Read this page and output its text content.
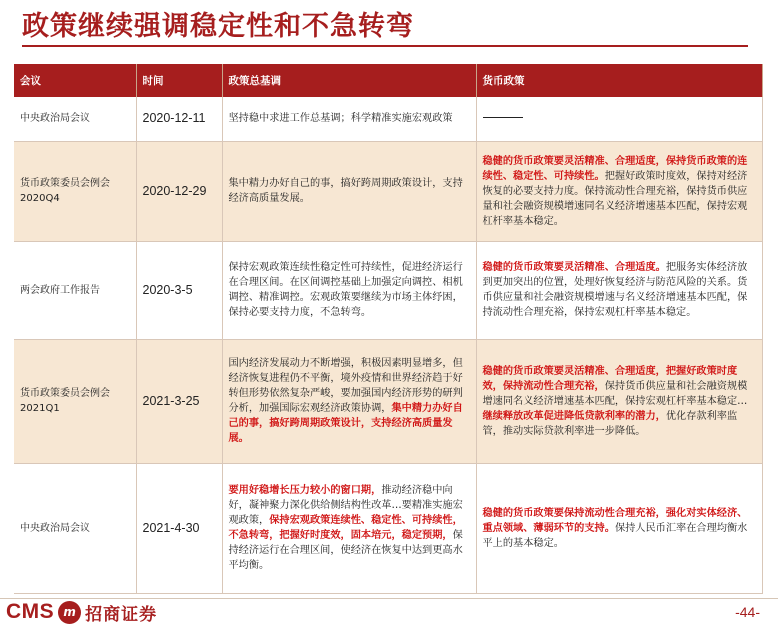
政策继续强调稳定性和不急转弯
会议	时间	政策总基调	货币政策
中央政治局会议	2020-12-11	坚持稳中求进工作总基调；科学精准实施宏观政策	
货币政策委员会例会2020Q4	2020-12-29	集中精力办好自己的事，搞好跨周期政策设计，支持经济高质量发展。	稳健的货币政策要灵活精准、合理适度，保持货币政策的连续性、稳定性、可持续性。把握好政策时度效，保持对经济恢复的必要支持力度。保持流动性合理充裕，保持货币供应量和社会融资规模增速同名义经济增速基本匹配，保持宏观杠杆率基本稳定。
两会政府工作报告	2020-3-5	保持宏观政策连续性稳定性可持续性，促进经济运行在合理区间。在区间调控基础上加强定向调控、相机调控、精准调控。宏观政策要继续为市场主体纾困，保持必要支持力度，不急转弯。	稳健的货币政策要灵活精准、合理适度。把服务实体经济放到更加突出的位置，处理好恢复经济与防范风险的关系。货币供应量和社会融资规模增速与名义经济增速基本匹配，保持流动性合理充裕，保持宏观杠杆率基本稳定。
货币政策委员会例会2021Q1	2021-3-25	国内经济发展动力不断增强，积极因素明显增多，但经济恢复进程仍不平衡，境外疫情和世界经济趋于好转但形势依然复杂严峻，要加强国内经济形势的研判分析，加强国际宏观经济政策协调，集中精力办好自己的事，搞好跨周期政策设计，支持经济高质量发展。	稳健的货币政策要灵活精准、合理适度，把握好政策时度效，保持流动性合理充裕，保持货币供应量和社会融资规模增速同名义经济增速基本匹配，保持宏观杠杆率基本稳定…继续释放改革促进降低贷款利率的潜力，优化存款利率监管，推动实际贷款利率进一步降低。
中央政治局会议	2021-4-30	要用好稳增长压力较小的窗口期，推动经济稳中向好，凝神聚力深化供给侧结构性改革…要精准实施宏观政策，保持宏观政策连续性、稳定性、可持续性，不急转弯，把握好时度效，固本培元，稳定预期，保持经济运行在合理区间，使经济在恢复中达到更高水平均衡。	稳健的货币政策要保持流动性合理充裕，强化对实体经济、重点领域、薄弱环节的支持。保持人民币汇率在合理均衡水平上的基本稳定。
CMS m 招商证券	-44-
